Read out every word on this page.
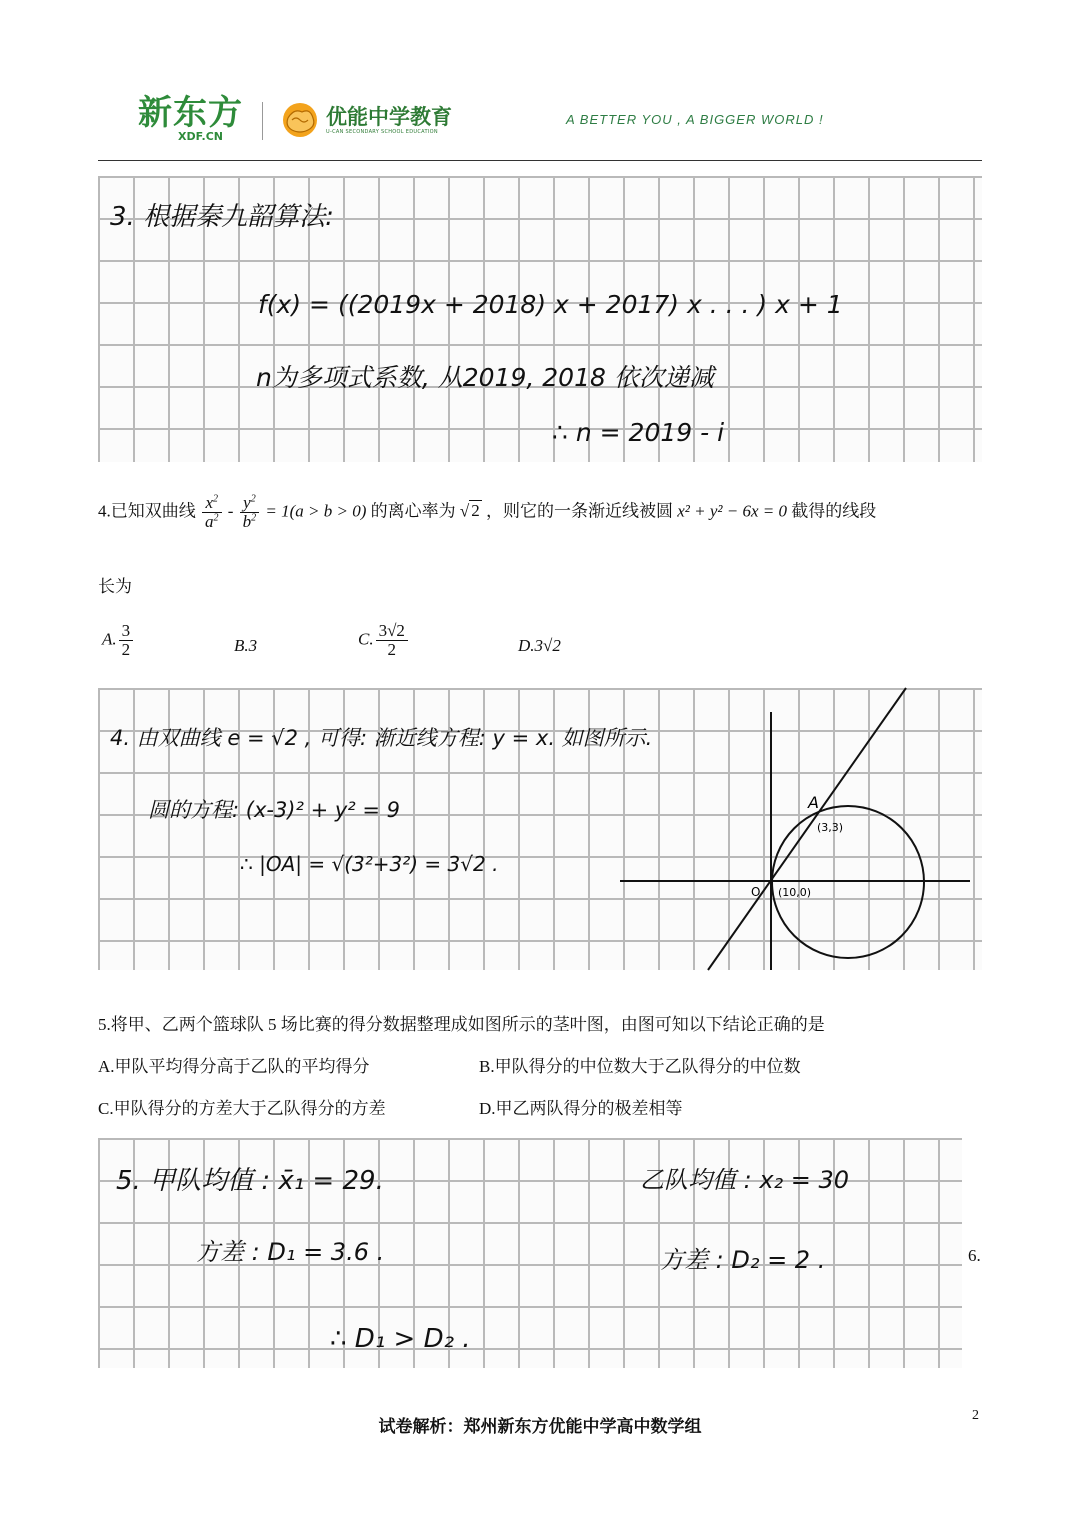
新东方
XDF.CN
优能中学教育
U-CAN SECONDARY SCHOOL EDUCATION
A BETTER YOU , A BIGGER WORLD !
3. 根据秦九韶算法:
f(x) = ((2019x + 2018) x + 2017) x . . . ) x + 1
n为多项式系数, 从2019, 2018 依次递减
∴ n = 2019 - i
4.已知双曲线 $\frac{x^2}{a^2} - \frac{y^2}{b^2} = 1(a > b > 0)$ 的离心率为 √ 2 ，则它的一条渐近线被圆 x² + y² − 6x = 0 截得的线段
长为
A. $\frac{3}{2}$	B.3	C. $\frac{3√2}{2}$	D.3√2
4. 由双曲线 e = √2 , 可得: 渐近线方程: y = x. 如图所示.
圆的方程: (x-3)² + y² = 9
∴ |OA| = √(3²+3²) = 3√2 .
A
(3,3)
O (10,0)
5.将甲、乙两个篮球队 5 场比赛的得分数据整理成如图所示的茎叶图，由图可知以下结论正确的是
A.甲队平均得分高于乙队的平均得分	B.甲队得分的中位数大于乙队得分的中位数
C.甲队得分的方差大于乙队得分的方差	D.甲乙两队得分的极差相等
5. 甲队均值 : x̄₁ = 29.	乙队均值 : x₂ = 30
方差 : D₁ = 3.6 .	方差 : D₂ = 2 .	6.
∴ D₁ > D₂ .
试卷解析：郑州新东方优能中学高中数学组
2
